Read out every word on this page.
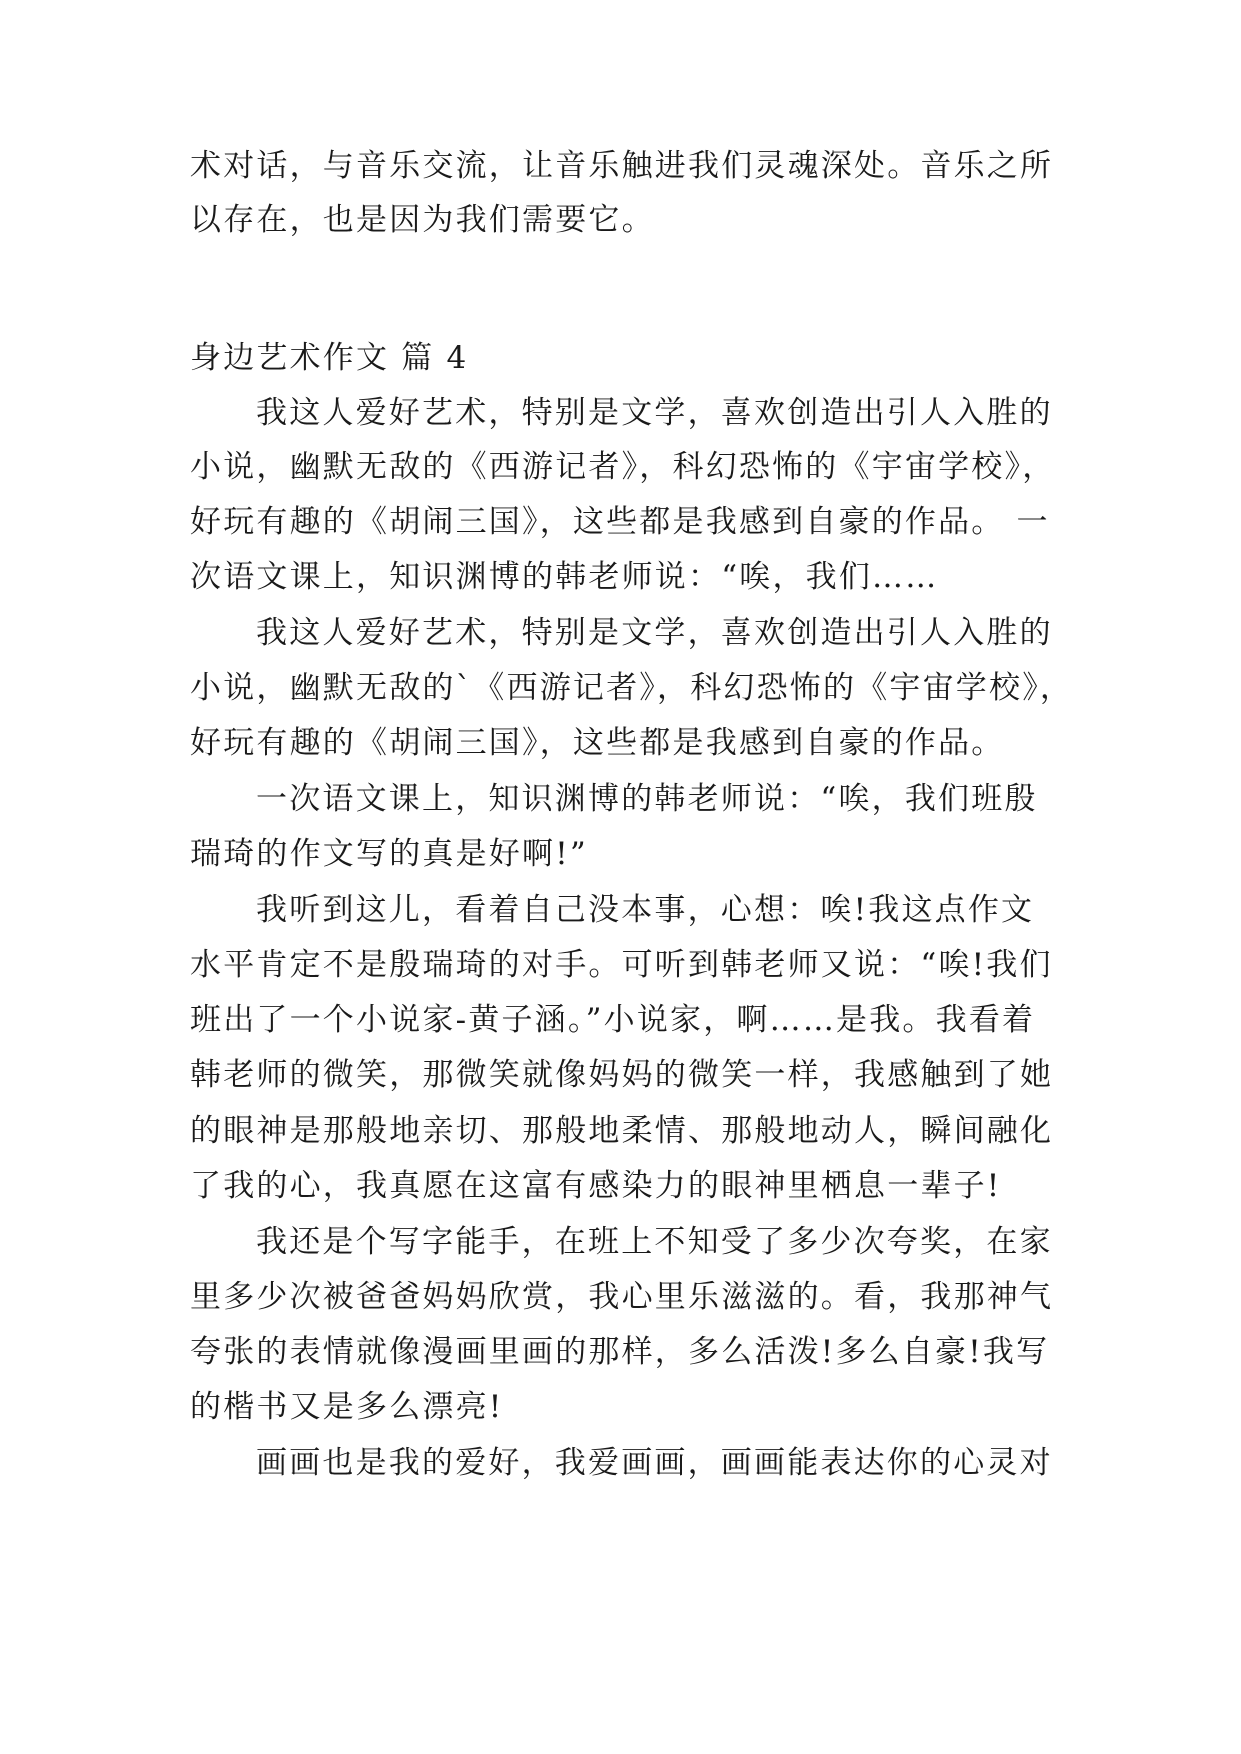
术对话，与音乐交流，让音乐触进我们灵魂深处。音乐之所
以存在，也是因为我们需要它。
身边艺术作文 篇 4
我这人爱好艺术，特别是文学，喜欢创造出引人入胜的
小说，幽默无敌的《西游记者》，科幻恐怖的《宇宙学校》，
好玩有趣的《胡闹三国》，这些都是我感到自豪的作品。 一
次语文课上，知识渊博的韩老师说：“唉，我们……
我这人爱好艺术，特别是文学，喜欢创造出引人入胜的
小说，幽默无敌的`《西游记者》，科幻恐怖的《宇宙学校》，
好玩有趣的《胡闹三国》，这些都是我感到自豪的作品。
一次语文课上，知识渊博的韩老师说：“唉，我们班殷
瑞琦的作文写的真是好啊!”
我听到这儿，看着自己没本事，心想：唉!我这点作文
水平肯定不是殷瑞琦的对手。可听到韩老师又说：“唉!我们
班出了一个小说家-黄子涵。”小说家，啊……是我。我看着
韩老师的微笑，那微笑就像妈妈的微笑一样，我感触到了她
的眼神是那般地亲切、那般地柔情、那般地动人，瞬间融化
了我的心，我真愿在这富有感染力的眼神里栖息一辈子!
我还是个写字能手，在班上不知受了多少次夸奖，在家
里多少次被爸爸妈妈欣赏，我心里乐滋滋的。看，我那神气
夸张的表情就像漫画里画的那样，多么活泼!多么自豪!我写
的楷书又是多么漂亮!
画画也是我的爱好，我爱画画，画画能表达你的心灵对
